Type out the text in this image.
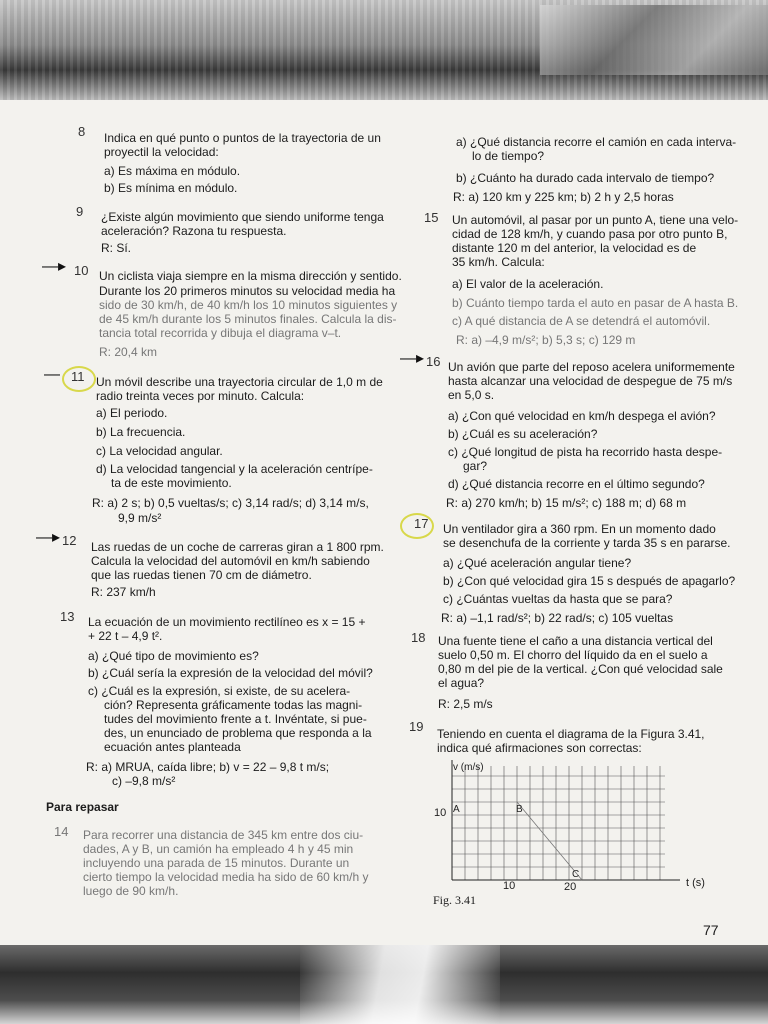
8 Indica en qué punto o puntos de la trayectoria de un
proyectil la velocidad:
a) Es máxima en módulo.
b) Es mínima en módulo.
9 ¿Existe algún movimiento que siendo uniforme tenga
aceleración? Razona tu respuesta.
R: Sí.
—▸ 10 Un ciclista viaja siempre en la misma dirección y sentido.
Durante los 20 primeros minutos su velocidad media ha
sido de 30 km/h, de 40 km/h los 10 minutos siguientes y
de 45 km/h durante los 5 minutos finales. Calcula la dis-
tancia total recorrida y dibuja el diagrama v–t.
R: 20,4 km
— 11 Un móvil describe una trayectoria circular de 1,0 m de
radio treinta veces por minuto. Calcula:
a) El periodo.
b) La frecuencia.
c) La velocidad angular.
d) La velocidad tangencial y la aceleración centrípe-
ta de este movimiento.
R: a) 2 s; b) 0,5 vueltas/s; c) 3,14 rad/s; d) 3,14 m/s,
9,9 m/s²
—▸ 12 Las ruedas de un coche de carreras giran a 1 800 rpm.
Calcula la velocidad del automóvil en km/h sabiendo
que las ruedas tienen 70 cm de diámetro.
R: 237 km/h
13 La ecuación de un movimiento rectilíneo es x = 15 +
+ 22 t – 4,9 t².
a) ¿Qué tipo de movimiento es?
b) ¿Cuál sería la expresión de la velocidad del móvil?
c) ¿Cuál es la expresión, si existe, de su acelera-
ción? Representa gráficamente todas las magni-
tudes del movimiento frente a t. Invéntate, si pue-
des, un enunciado de problema que responda a la
ecuación antes planteada
R: a) MRUA, caída libre; b) v = 22 – 9,8 t m/s;
c) –9,8 m/s²
Para repasar
14 Para recorrer una distancia de 345 km entre dos ciu-
dades, A y B, un camión ha empleado 4 h y 45 min
incluyendo una parada de 15 minutos. Durante un
cierto tiempo la velocidad media ha sido de 60 km/h y
luego de 90 km/h.
a) ¿Qué distancia recorre el camión en cada interva-
lo de tiempo?
b) ¿Cuánto ha durado cada intervalo de tiempo?
R: a) 120 km y 225 km; b) 2 h y 2,5 horas
15 Un automóvil, al pasar por un punto A, tiene una velo-
cidad de 128 km/h, y cuando pasa por otro punto B,
distante 120 m del anterior, la velocidad es de
35 km/h. Calcula:
a) El valor de la aceleración.
b) Cuánto tiempo tarda el auto en pasar de A hasta B.
c) A qué distancia de A se detendrá el automóvil.
R: a) –4,9 m/s²; b) 5,3 s; c) 129 m
—▸ 16 Un avión que parte del reposo acelera uniformemente
hasta alcanzar una velocidad de despegue de 75 m/s
en 5,0 s.
a) ¿Con qué velocidad en km/h despega el avión?
b) ¿Cuál es su aceleración?
c) ¿Qué longitud de pista ha recorrido hasta despe-
gar?
d) ¿Qué distancia recorre en el último segundo?
R: a) 270 km/h; b) 15 m/s²; c) 188 m; d) 68 m
17 Un ventilador gira a 360 rpm. En un momento dado
se desenchufa de la corriente y tarda 35 s en pararse.
a) ¿Qué aceleración angular tiene?
b) ¿Con qué velocidad gira 15 s después de apagarlo?
c) ¿Cuántas vueltas da hasta que se para?
R: a) –1,1 rad/s²; b) 22 rad/s; c) 105 vueltas
18 Una fuente tiene el caño a una distancia vertical del
suelo 0,50 m. El chorro del líquido da en el suelo a
0,80 m del pie de la vertical. ¿Con qué velocidad sale
el agua?
R: 2,5 m/s
19 Teniendo en cuenta el diagrama de la Figura 3.41,
indica qué afirmaciones son correctas:
v (m/s)
10 A	B
C
10	20	t (s)
Fig. 3.41
77
